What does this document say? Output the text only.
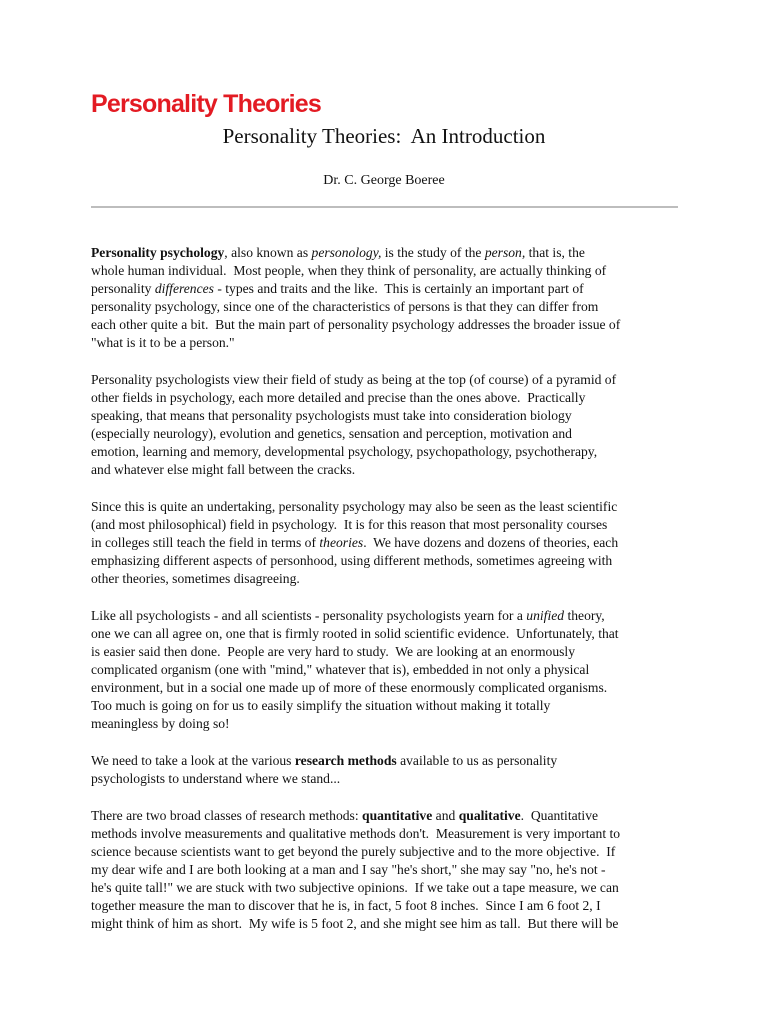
Personality Theories
Personality Theories:  An Introduction
Dr. C. George Boeree
Personality psychology, also known as personology, is the study of the person, that is, the
whole human individual.  Most people, when they think of personality, are actually thinking of
personality differences - types and traits and the like.  This is certainly an important part of
personality psychology, since one of the characteristics of persons is that they can differ from
each other quite a bit.  But the main part of personality psychology addresses the broader issue of
"what is it to be a person."
Personality psychologists view their field of study as being at the top (of course) of a pyramid of
other fields in psychology, each more detailed and precise than the ones above.  Practically
speaking, that means that personality psychologists must take into consideration biology
(especially neurology), evolution and genetics, sensation and perception, motivation and
emotion, learning and memory, developmental psychology, psychopathology, psychotherapy,
and whatever else might fall between the cracks.
Since this is quite an undertaking, personality psychology may also be seen as the least scientific
(and most philosophical) field in psychology.  It is for this reason that most personality courses
in colleges still teach the field in terms of theories.  We have dozens and dozens of theories, each
emphasizing different aspects of personhood, using different methods, sometimes agreeing with
other theories, sometimes disagreeing.
Like all psychologists - and all scientists - personality psychologists yearn for a unified theory,
one we can all agree on, one that is firmly rooted in solid scientific evidence.  Unfortunately, that
is easier said then done.  People are very hard to study.  We are looking at an enormously
complicated organism (one with "mind," whatever that is), embedded in not only a physical
environment, but in a social one made up of more of these enormously complicated organisms.
Too much is going on for us to easily simplify the situation without making it totally
meaningless by doing so!
We need to take a look at the various research methods available to us as personality
psychologists to understand where we stand...
There are two broad classes of research methods: quantitative and qualitative.  Quantitative
methods involve measurements and qualitative methods don't.  Measurement is very important to
science because scientists want to get beyond the purely subjective and to the more objective.  If
my dear wife and I are both looking at a man and I say "he's short," she may say "no, he's not -
he's quite tall!" we are stuck with two subjective opinions.  If we take out a tape measure, we can
together measure the man to discover that he is, in fact, 5 foot 8 inches.  Since I am 6 foot 2, I
might think of him as short.  My wife is 5 foot 2, and she might see him as tall.  But there will be
